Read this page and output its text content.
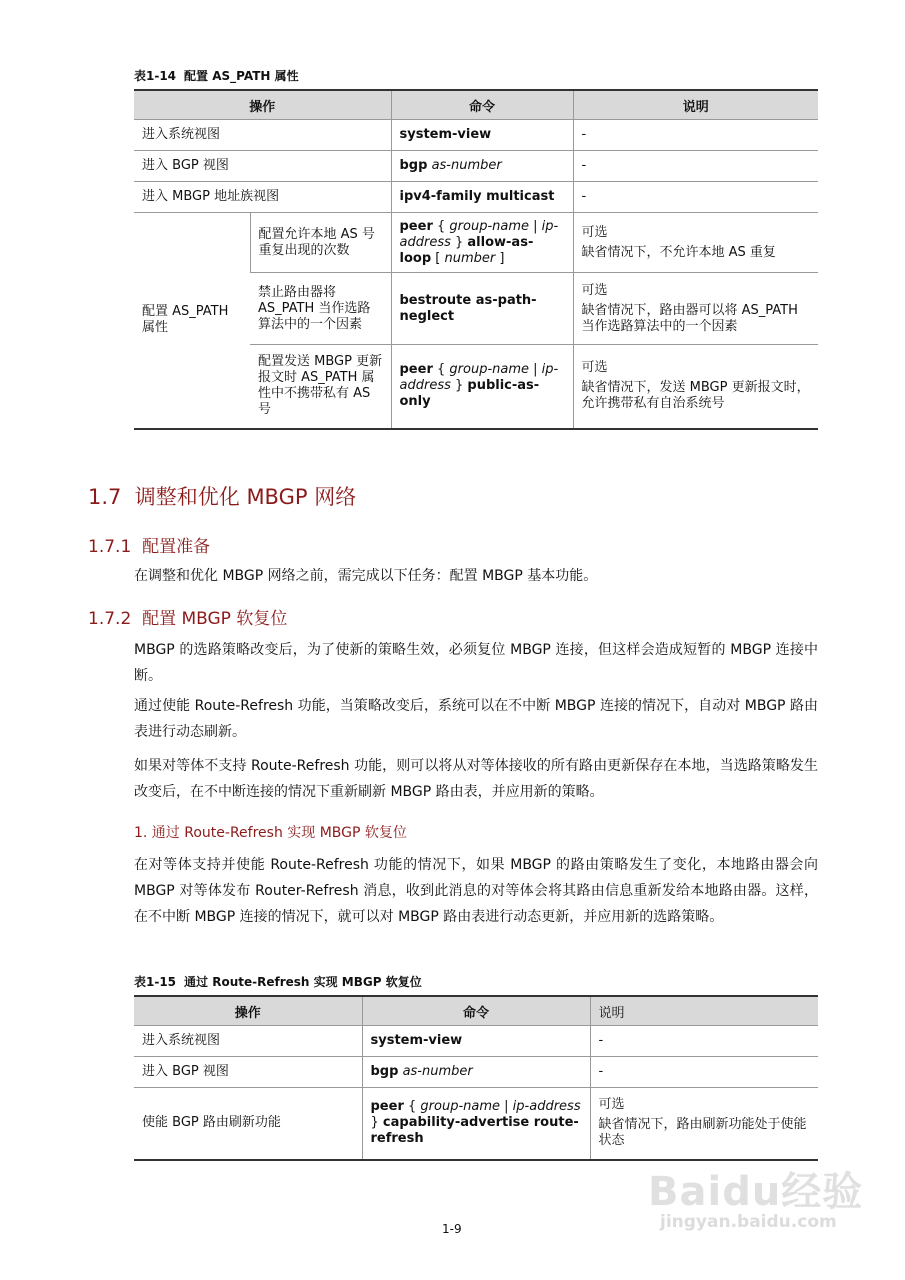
表1-14 配置 AS_PATH 属性
操作		命令	说明
进入系统视图		system-view	-
进入 BGP 视图		bgp as-number	-
进入 MBGP 地址族视图		ipv4-family multicast	-
配置 AS_PATH 属性	配置允许本地 AS 号重复出现的次数	peer { group-name | ip-address } allow-as-loop [ number ]	可选
缺省情况下，不允许本地 AS 重复
	禁止路由器将 AS_PATH 当作选路算法中的一个因素	bestroute as-path-neglect	可选
缺省情况下，路由器可以将 AS_PATH 当作选路算法中的一个因素
	配置发送 MBGP 更新报文时 AS_PATH 属性中不携带私有 AS 号	peer { group-name | ip-address } public-as-only	可选
缺省情况下，发送 MBGP 更新报文时，允许携带私有自治系统号
1.7 调整和优化 MBGP 网络
1.7.1 配置准备

在调整和优化 MBGP 网络之前，需完成以下任务：配置 MBGP 基本功能。

1.7.2 配置 MBGP 软复位

MBGP 的选路策略改变后，为了使新的策略生效，必须复位 MBGP 连接，但这样会造成短暂的 MBGP 连接中断。

通过使能 Route-Refresh 功能，当策略改变后，系统可以在不中断 MBGP 连接的情况下，自动对 MBGP 路由表进行动态刷新。

如果对等体不支持 Route-Refresh 功能，则可以将从对等体接收的所有路由更新保存在本地，当选路策略发生改变后，在不中断连接的情况下重新刷新 MBGP 路由表，并应用新的策略。

1. 通过 Route-Refresh 实现 MBGP 软复位

在对等体支持并使能 Route-Refresh 功能的情况下，如果 MBGP 的路由策略发生了变化，本地路由器会向 MBGP 对等体发布 Router-Refresh 消息，收到此消息的对等体会将其路由信息重新发给本地路由器。这样，在不中断 MBGP 连接的情况下，就可以对 MBGP 路由表进行动态更新，并应用新的选路策略。

表1-15 通过 Route-Refresh 实现 MBGP 软复位
操作	命令	说明
进入系统视图	system-view	-
进入 BGP 视图	bgp as-number	-
使能 BGP 路由刷新功能	peer { group-name | ip-address } capability-advertise route-refresh	可选
缺省情况下，路由刷新功能处于使能状态
1-9
Baidu经验
jingyan.baidu.com
